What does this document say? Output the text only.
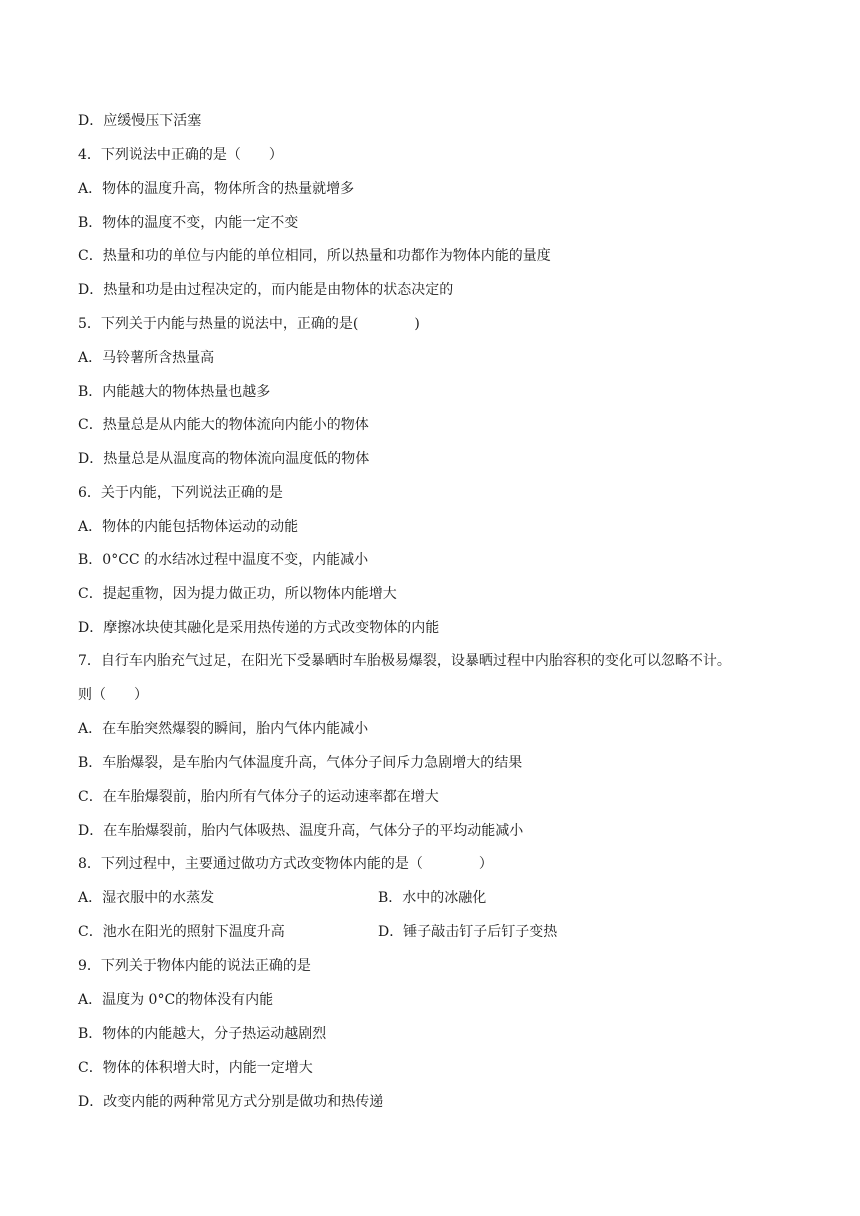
D．应缓慢压下活塞
4．下列说法中正确的是（　　）
A．物体的温度升高，物体所含的热量就增多
B．物体的温度不变，内能一定不变
C．热量和功的单位与内能的单位相同，所以热量和功都作为物体内能的量度
D．热量和功是由过程决定的，而内能是由物体的状态决定的
5．下列关于内能与热量的说法中，正确的是(　　　　)
A．马铃薯所含热量高
B．内能越大的物体热量也越多
C．热量总是从内能大的物体流向内能小的物体
D．热量总是从温度高的物体流向温度低的物体
6．关于内能，下列说法正确的是
A．物体的内能包括物体运动的动能
B．0°CC 的水结冰过程中温度不变，内能减小
C．提起重物，因为提力做正功，所以物体内能增大
D．摩擦冰块使其融化是采用热传递的方式改变物体的内能
7．自行车内胎充气过足，在阳光下受暴晒时车胎极易爆裂，设暴晒过程中内胎容积的变化可以忽略不计。
则（　　）
A．在车胎突然爆裂的瞬间，胎内气体内能减小
B．车胎爆裂，是车胎内气体温度升高，气体分子间斥力急剧增大的结果
C．在车胎爆裂前，胎内所有气体分子的运动速率都在增大
D．在车胎爆裂前，胎内气体吸热、温度升高，气体分子的平均动能减小
8．下列过程中，主要通过做功方式改变物体内能的是（　　　　）
A．湿衣服中的水蒸发	B．水中的冰融化
C．池水在阳光的照射下温度升高	D．锤子敲击钉子后钉子变热
9．下列关于物体内能的说法正确的是
A．温度为 0°C的物体没有内能
B．物体的内能越大，分子热运动越剧烈
C．物体的体积增大时，内能一定增大
D．改变内能的两种常见方式分别是做功和热传递
